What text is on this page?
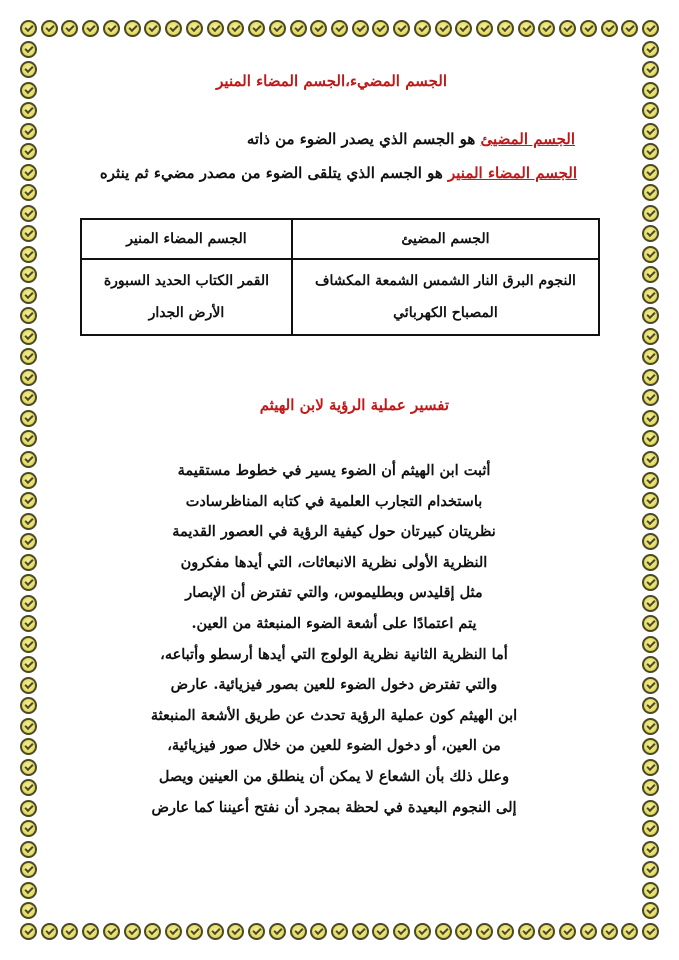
الجسم المضيء،الجسم المضاء المنير
الجسم المضيئ هو الجسم الذي يصدر الضوء من ذاته
الجسم المضاء المنير هو الجسم الذي يتلقى الضوء من مصدر مضيء ثم ينثره
الجسم المضيئ	الجسم المضاء المنير
النجوم البرق النار الشمس الشمعة المكشاف المصباح الكهربائي	القمر الكتاب الحديد السبورة الأرض الجدار
تفسير عملية الرؤية لابن الهيثم
أثبت ابن الهيثم أن الضوء يسير في خطوط مستقيمة
باستخدام التجارب العلمية في كتابه المناظرسادت
نظريتان كبيرتان حول كيفية الرؤية في العصور القديمة
النظرية الأولى نظرية الانبعاثات، التي أيدها مفكرون
مثل إقليدس وبطليموس، والتي تفترض أن الإبصار
يتم اعتمادًا على أشعة الضوء المنبعثة من العين.
أما النظرية الثانية نظرية الولوج التي أيدها أرسطو وأتباعه،
والتي تفترض دخول الضوء للعين بصور فيزيائية. عارض
ابن الهيثم كون عملية الرؤية تحدث عن طريق الأشعة المنبعثة
من العين، أو دخول الضوء للعين من خلال صور فيزيائية،
وعلل ذلك بأن الشعاع لا يمكن أن ينطلق من العينين ويصل
إلى النجوم البعيدة في لحظة بمجرد أن نفتح أعيننا كما عارض
